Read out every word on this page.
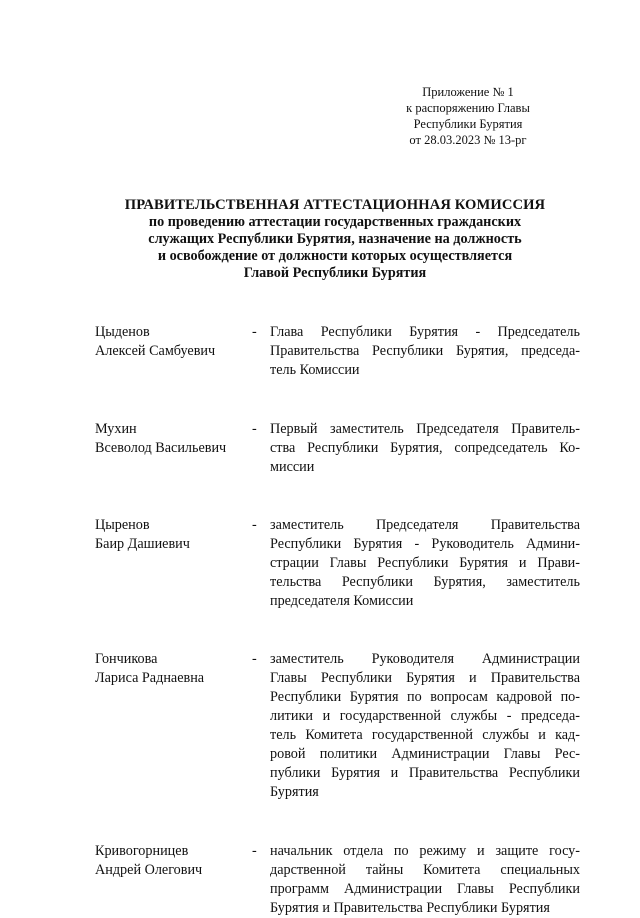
Приложение № 1
к распоряжению Главы
Республики Бурятия
от 28.03.2023 № 13-рг
ПРАВИТЕЛЬСТВЕННАЯ АТТЕСТАЦИОННАЯ КОМИССИЯ
по проведению аттестации государственных гражданских
служащих Республики Бурятия, назначение на должность
и освобождение от должности которых осуществляется
Главой Республики Бурятия
Цыденов
Алексей Самбуевич
- Глава Республики Бурятия - Председатель
Правительства Республики Бурятия, председа-
тель Комиссии
Мухин
Всеволод Васильевич
- Первый заместитель Председателя Правитель-
ства Республики Бурятия, сопредседатель Ко-
миссии
Цыренов
Баир Дашиевич
- заместитель Председателя Правительства
Республики Бурятия - Руководитель Админи-
страции Главы Республики Бурятия и Прави-
тельства Республики Бурятия, заместитель
председателя Комиссии
Гончикова
Лариса Раднаевна
- заместитель Руководителя Администрации
Главы Республики Бурятия и Правительства
Республики Бурятия по вопросам кадровой по-
литики и государственной службы - председа-
тель Комитета государственной службы и кад-
ровой политики Администрации Главы Рес-
публики Бурятия и Правительства Республики
Бурятия
Кривогорницев
Андрей Олегович
- начальник отдела по режиму и защите госу-
дарственной тайны Комитета специальных
программ Администрации Главы Республики
Бурятия и Правительства Республики Бурятия
